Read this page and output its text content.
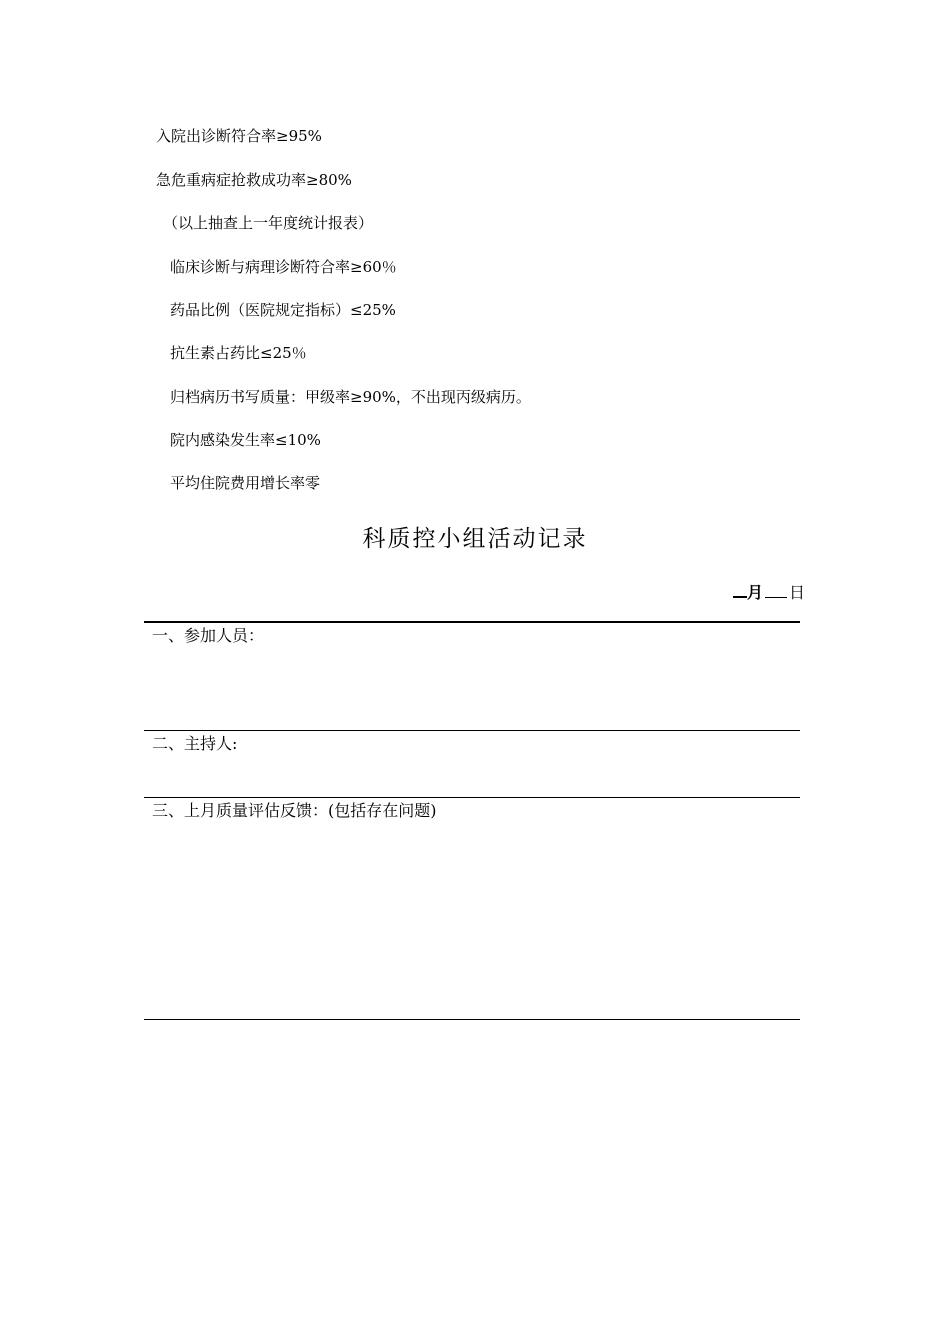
入院出诊断符合率≥95%
急危重病症抢救成功率≥80%
（以上抽查上一年度统计报表）
临床诊断与病理诊断符合率≥60％
药品比例（医院规定指标）≤25%
抗生素占药比≤25％
归档病历书写质量：甲级率≥90%，不出现丙级病历。
院内感染发生率≤10%
平均住院费用增长率零
科质控小组活动记录
月 日
一、参加人员：
二、主持人:
三、上月质量评估反馈：(包括存在问题)
